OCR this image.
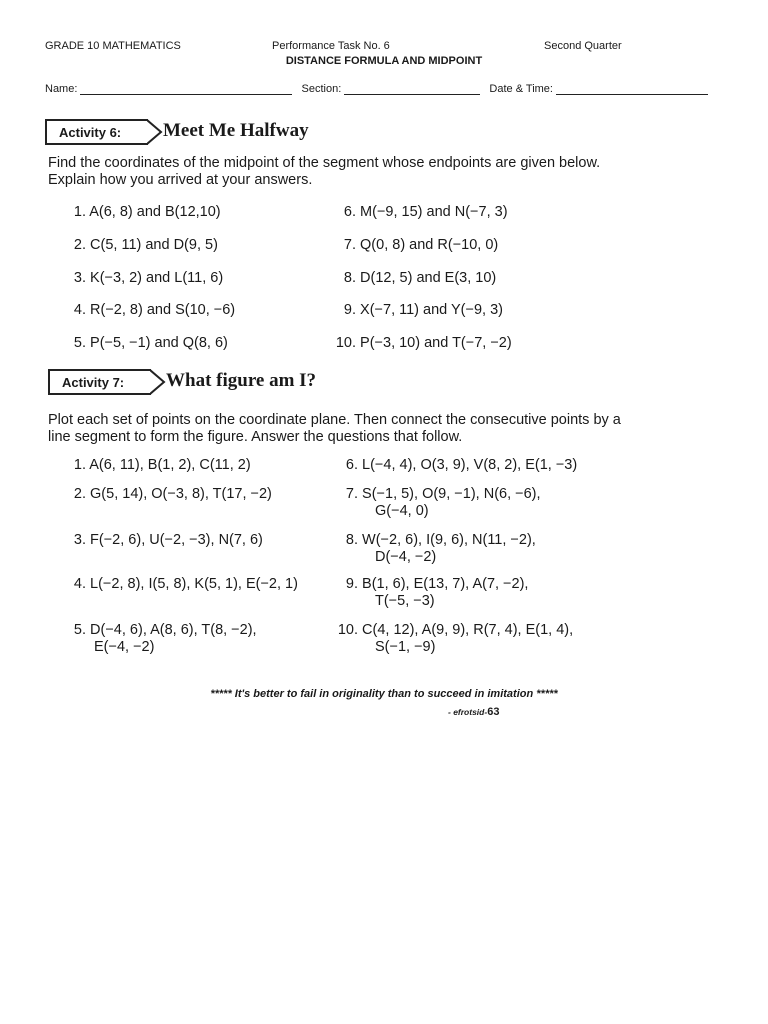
GRADE 10 MATHEMATICS	Performance Task No. 6	Second Quarter
DISTANCE FORMULA AND MIDPOINT
Name:	Section:	Date & Time:
Activity 6:	Meet Me Halfway
Find the coordinates of the midpoint of the segment whose endpoints are given below. Explain how you arrived at your answers.
1. A(6, 8) and B(12,10)
2. C(5, 11) and D(9, 5)
3. K(−3, 2) and L(11, 6)
4. R(−2, 8) and S(10, −6)
5. P(−5, −1) and Q(8, 6)
6. M(−9, 15) and N(−7, 3)
7. Q(0, 8) and R(−10, 0)
8. D(12, 5) and E(3, 10)
9. X(−7, 11) and Y(−9, 3)
10. P(−3, 10) and T(−7, −2)
Activity 7:	What figure am I?
Plot each set of points on the coordinate plane. Then connect the consecutive points by a line segment to form the figure. Answer the questions that follow.
1. A(6, 11), B(1, 2), C(11, 2)
2. G(5, 14), O(−3, 8), T(17, −2)
3. F(−2, 6), U(−2, −3), N(7, 6)
4. L(−2, 8), I(5, 8), K(5, 1), E(−2, 1)
5. D(−4, 6), A(8, 6), T(8, −2),
E(−4, −2)
6. L(−4, 4), O(3, 9), V(8, 2), E(1, −3)
7. S(−1, 5), O(9, −1), N(6, −6),
G(−4, 0)
8. W(−2, 6), I(9, 6), N(11, −2),
D(−4, −2)
9. B(1, 6), E(13, 7), A(7, −2),
T(−5, −3)
10. C(4, 12), A(9, 9), R(7, 4), E(1, 4),
S(−1, −9)
***** It's better to fail in originality than to succeed in imitation *****
- efrotsid-63
